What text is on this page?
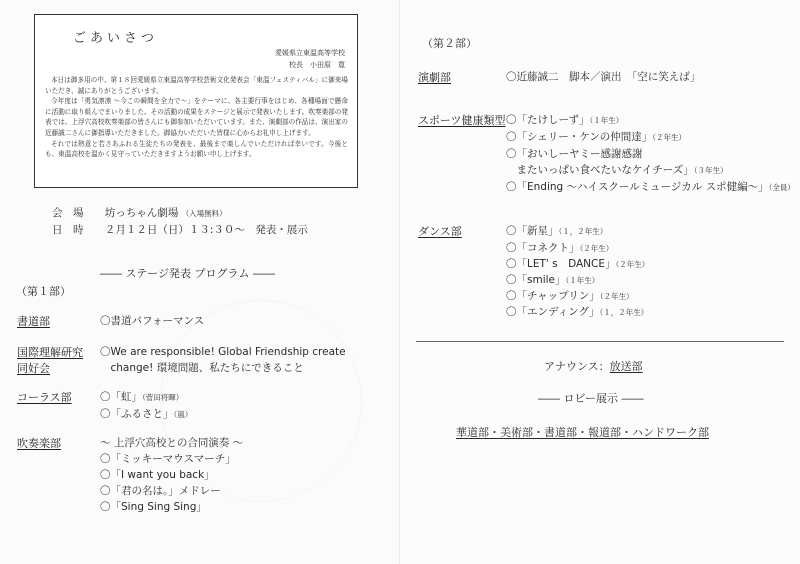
ごあいさつ
愛媛県立東温高等学校
校長　小田原　寛

本日は御多用の中、第１８回愛媛県立東温高等学校芸術文化発表会「東温フェスティバル」に御来場いただき、誠にありがとうございます。

今年度は「勇気凛凛 ～今この瞬間を全力で～」をテーマに、各主要行事をはじめ、各種場面で懸命に活動に取り組んでまいりました。その活動の成果をステージと展示で発表いたします。吹奏楽部の発表では、上浮穴高校吹奏楽部の皆さんにも御参加いただいています。また、演劇部の作品は、演出家の近藤誠二さんに御指導いただきました。御協力いただいた皆様に心からお礼申し上げます。

それでは熱意と若さあふれる生徒たちの発表を、最後まで楽しんでいただければ幸いです。今後とも、東温高校を温かく見守っていただきますようお願い申し上げます。

会　場 坊っちゃん劇場 （入場無料）
日　時 ２月１２日（日）１３:３０～　発表・展示
―― ステージ発表 プログラム ――
（第１部）
書道部	〇書道パフォーマンス
国際理解研究
同好会
〇We are responsible! Global Friendship create
　change! 環境問題、私たちにできること
コーラス部	〇「虹」（菅田将暉）
〇「ふるさと」（嵐）
吹奏楽部	～ 上浮穴高校との合同演奏 ～
〇「ミッキーマウスマーチ」
〇「I want you back」
〇「君の名は。」メドレー
〇「Sing Sing Sing」
（第２部）
演劇部	〇近藤誠二　脚本／演出　「空に笑えば」
スポーツ健康類型 〇「たけしーず」（１年生）
〇「シェリー・ケンの仲間達」（２年生）
〇「おいしーヤミー感謝感謝
　またいっぱい食べたいなケイチーズ」（３年生）
〇「Ending ～ハイスクールミュージカル スポ健編～」（全員）
ダンス部	〇「新星」（１，２年生）
〇「コネクト」（２年生）
〇「LET' s　DANCE」（２年生）
〇「smile」（１年生）
〇「チャップリン」（２年生）
〇「エンディング」（１，２年生）
アナウンス：放送部
―― ロビー展示 ――
華道部・美術部・書道部・報道部・ハンドワーク部
